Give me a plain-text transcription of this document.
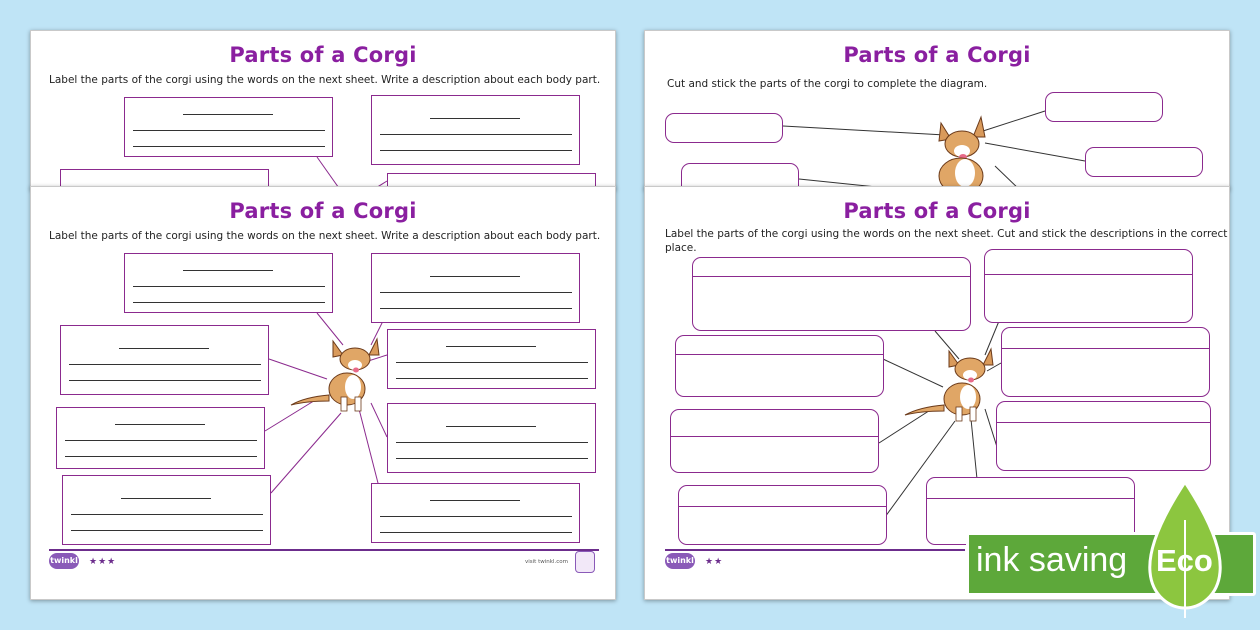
Parts of a Corgi
Label the parts of the corgi using the words on the next sheet. Write a description about each body part.
Parts of a Corgi
Cut and stick the parts of the corgi to complete the diagram.
Parts of a Corgi
Label the parts of the corgi using the words on the next sheet. Write a description about each body part.
twinkl ★★★	visit twinkl.com
Parts of a Corgi
Label the parts of the corgi using the words on the next sheet. Cut and stick the descriptions in the correct
place.
twinkl ★★	ink saving Eco
